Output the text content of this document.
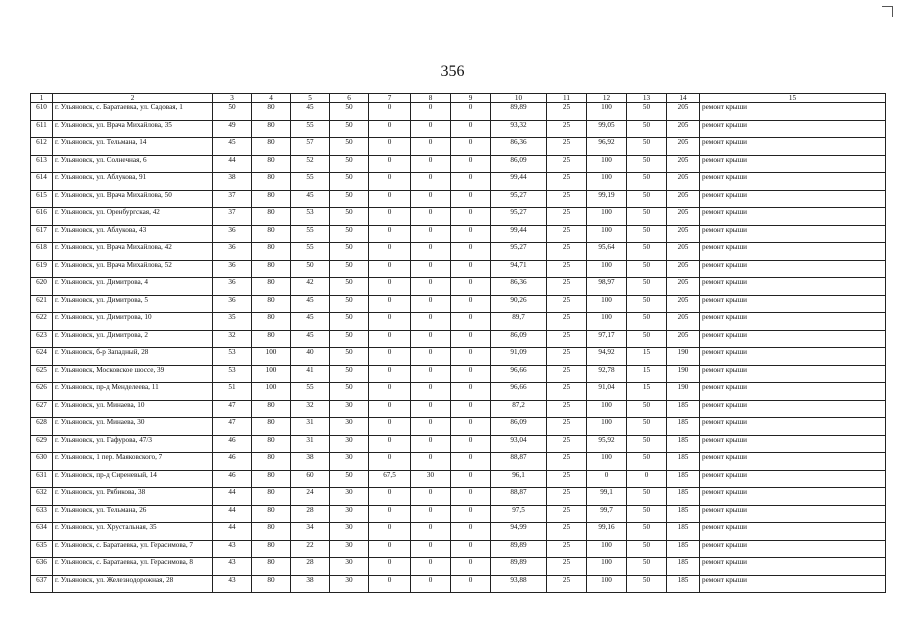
356
1	2	3	4	5	6	7	8	9	10	11	12	13	14	15
610	г. Ульяновск, с. Баратаевка, ул. Садовая, 1	50	80	45	50	0	0	0	89,89	25	100	50	205	ремонт крыши
611	г. Ульяновск, ул. Врача Михайлова, 35	49	80	55	50	0	0	0	93,32	25	99,05	50	205	ремонт крыши
612	г. Ульяновск, ул. Тельмана, 14	45	80	57	50	0	0	0	86,36	25	96,92	50	205	ремонт крыши
613	г. Ульяновск, ул. Солнечная, 6	44	80	52	50	0	0	0	86,09	25	100	50	205	ремонт крыши
614	г. Ульяновск, ул. Аблукова, 91	38	80	55	50	0	0	0	99,44	25	100	50	205	ремонт крыши
615	г. Ульяновск, ул. Врача Михайлова, 50	37	80	45	50	0	0	0	95,27	25	99,19	50	205	ремонт крыши
616	г. Ульяновск, ул. Оренбургская, 42	37	80	53	50	0	0	0	95,27	25	100	50	205	ремонт крыши
617	г. Ульяновск, ул. Аблукова, 43	36	80	55	50	0	0	0	99,44	25	100	50	205	ремонт крыши
618	г. Ульяновск, ул. Врача Михайлова, 42	36	80	55	50	0	0	0	95,27	25	95,64	50	205	ремонт крыши
619	г. Ульяновск, ул. Врача Михайлова, 52	36	80	50	50	0	0	0	94,71	25	100	50	205	ремонт крыши
620	г. Ульяновск, ул. Димитрова, 4	36	80	42	50	0	0	0	86,36	25	98,97	50	205	ремонт крыши
621	г. Ульяновск, ул. Димитрова, 5	36	80	45	50	0	0	0	90,26	25	100	50	205	ремонт крыши
622	г. Ульяновск, ул. Димитрова, 10	35	80	45	50	0	0	0	89,7	25	100	50	205	ремонт крыши
623	г. Ульяновск, ул. Димитрова, 2	32	80	45	50	0	0	0	86,09	25	97,17	50	205	ремонт крыши
624	г. Ульяновск, б-р Западный, 28	53	100	40	50	0	0	0	91,09	25	94,92	15	190	ремонт крыши
625	г. Ульяновск, Московское шоссе, 39	53	100	41	50	0	0	0	96,66	25	92,78	15	190	ремонт крыши
626	г. Ульяновск, пр-д Менделеева, 11	51	100	55	50	0	0	0	96,66	25	91,04	15	190	ремонт крыши
627	г. Ульяновск, ул. Минаева, 10	47	80	32	30	0	0	0	87,2	25	100	50	185	ремонт крыши
628	г. Ульяновск, ул. Минаева, 30	47	80	31	30	0	0	0	86,09	25	100	50	185	ремонт крыши
629	г. Ульяновск, ул. Гафурова, 47/3	46	80	31	30	0	0	0	93,04	25	95,92	50	185	ремонт крыши
630	г. Ульяновск, 1 пер. Маяковского, 7	46	80	38	30	0	0	0	88,87	25	100	50	185	ремонт крыши
631	г. Ульяновск, пр-д Сиреневый, 14	46	80	60	50	67,5	30	0	96,1	25	0	0	185	ремонт крыши
632	г. Ульяновск, ул. Рябикова, 38	44	80	24	30	0	0	0	88,87	25	99,1	50	185	ремонт крыши
633	г. Ульяновск, ул. Тельмана, 26	44	80	28	30	0	0	0	97,5	25	99,7	50	185	ремонт крыши
634	г. Ульяновск, ул. Хрустальная, 35	44	80	34	30	0	0	0	94,99	25	99,16	50	185	ремонт крыши
635	г. Ульяновск, с. Баратаевка, ул. Герасимова, 7	43	80	22	30	0	0	0	89,89	25	100	50	185	ремонт крыши
636	г. Ульяновск, с. Баратаевка, ул. Герасимова, 8	43	80	28	30	0	0	0	89,89	25	100	50	185	ремонт крыши
637	г. Ульяновск, ул. Железнодорожная, 28	43	80	38	30	0	0	0	93,88	25	100	50	185	ремонт крыши
